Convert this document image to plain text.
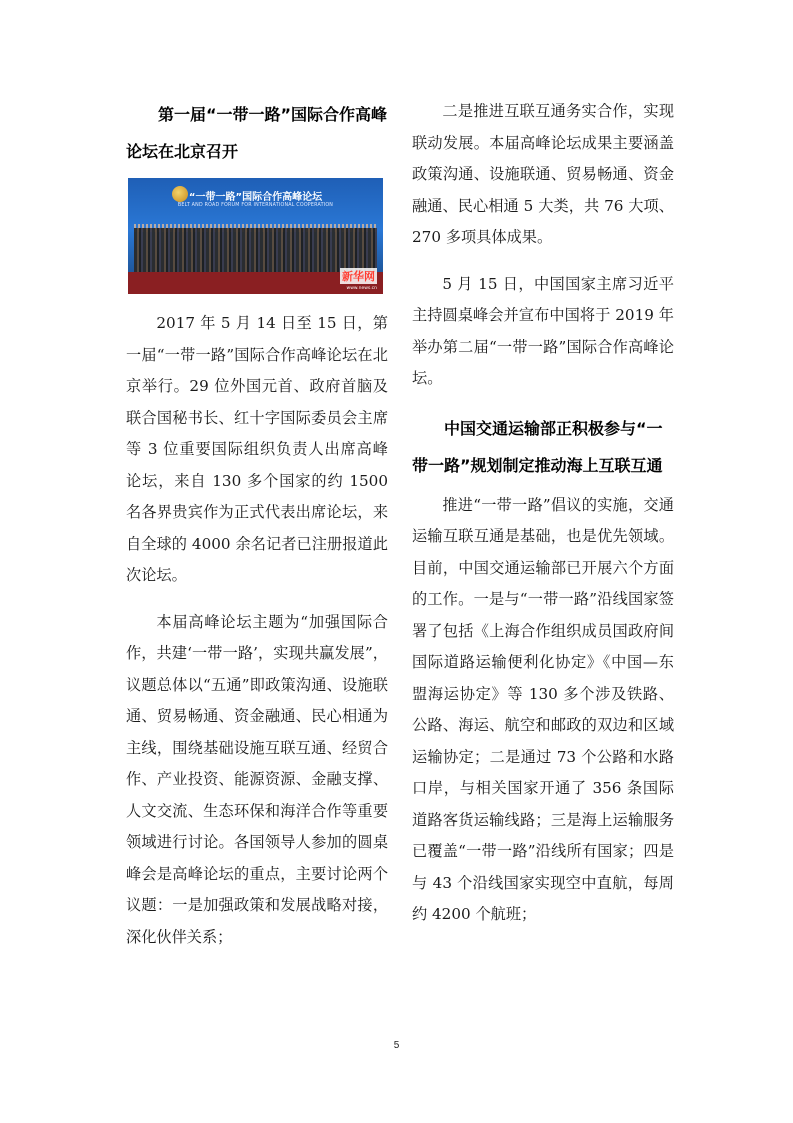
第一届“一带一路”国际合作高峰论坛在北京召开
“一带一路”国际合作高峰论坛
BELT AND ROAD FORUM FOR INTERNATIONAL COOPERATION
新华网
www.news.cn

2017 年 5 月 14 日至 15 日，第一届“一带一路”国际合作高峰论坛在北京举行。29 位外国元首、政府首脑及联合国秘书长、红十字国际委员会主席等 3 位重要国际组织负责人出席高峰论坛，来自 130 多个国家的约 1500 名各界贵宾作为正式代表出席论坛，来自全球的 4000 余名记者已注册报道此次论坛。

本届高峰论坛主题为“加强国际合作，共建‘一带一路’，实现共赢发展”，议题总体以“五通”即政策沟通、设施联通、贸易畅通、资金融通、民心相通为主线，围绕基础设施互联互通、经贸合作、产业投资、能源资源、金融支撑、人文交流、生态环保和海洋合作等重要领域进行讨论。各国领导人参加的圆桌峰会是高峰论坛的重点，主要讨论两个议题：一是加强政策和发展战略对接，深化伙伴关系；

二是推进互联互通务实合作，实现联动发展。本届高峰论坛成果主要涵盖政策沟通、设施联通、贸易畅通、资金融通、民心相通 5 大类，共 76 大项、270 多项具体成果。

5 月 15 日，中国国家主席习近平主持圆桌峰会并宣布中国将于 2019 年举办第二届“一带一路”国际合作高峰论坛。

中国交通运输部正积极参与“一带一路”规划制定推动海上互联互通

推进“一带一路”倡议的实施，交通运输互联互通是基础，也是优先领域。目前，中国交通运输部已开展六个方面的工作。一是与“一带一路”沿线国家签署了包括《上海合作组织成员国政府间国际道路运输便利化协定》《中国—东盟海运协定》等 130 多个涉及铁路、公路、海运、航空和邮政的双边和区域运输协定；二是通过 73 个公路和水路口岸，与相关国家开通了 356 条国际道路客货运输线路；三是海上运输服务已覆盖“一带一路”沿线所有国家；四是与 43 个沿线国家实现空中直航，每周约 4200 个航班；

5
